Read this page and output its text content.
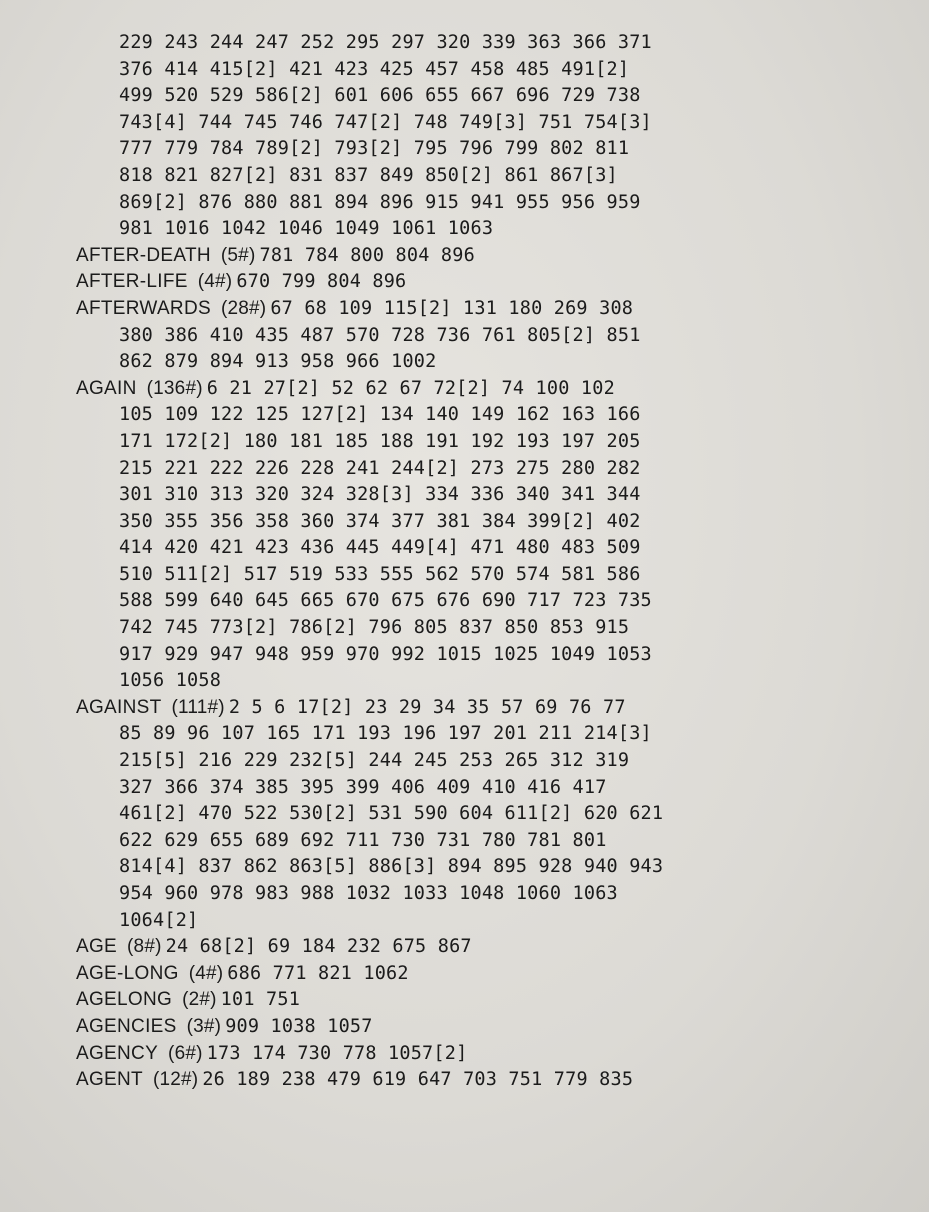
229 243 244 247 252 295 297 320 339 363 366 371
376 414 415[2] 421 423 425 457 458 485 491[2]
499 520 529 586[2] 601 606 655 667 696 729 738
743[4] 744 745 746 747[2] 748 749[3] 751 754[3]
777 779 784 789[2] 793[2] 795 796 799 802 811
818 821 827[2] 831 837 849 850[2] 861 867[3]
869[2] 876 880 881 894 896 915 941 955 956 959
981 1016 1042 1046 1049 1061 1063
AFTER-DEATH (5#) 781 784 800 804 896
AFTER-LIFE (4#) 670 799 804 896
AFTERWARDS (28#) 67 68 109 115[2] 131 180 269 308
380 386 410 435 487 570 728 736 761 805[2] 851
862 879 894 913 958 966 1002
AGAIN (136#) 6 21 27[2] 52 62 67 72[2] 74 100 102
105 109 122 125 127[2] 134 140 149 162 163 166
171 172[2] 180 181 185 188 191 192 193 197 205
215 221 222 226 228 241 244[2] 273 275 280 282
301 310 313 320 324 328[3] 334 336 340 341 344
350 355 356 358 360 374 377 381 384 399[2] 402
414 420 421 423 436 445 449[4] 471 480 483 509
510 511[2] 517 519 533 555 562 570 574 581 586
588 599 640 645 665 670 675 676 690 717 723 735
742 745 773[2] 786[2] 796 805 837 850 853 915
917 929 947 948 959 970 992 1015 1025 1049 1053
1056 1058
AGAINST (111#) 2 5 6 17[2] 23 29 34 35 57 69 76 77
85 89 96 107 165 171 193 196 197 201 211 214[3]
215[5] 216 229 232[5] 244 245 253 265 312 319
327 366 374 385 395 399 406 409 410 416 417
461[2] 470 522 530[2] 531 590 604 611[2] 620 621
622 629 655 689 692 711 730 731 780 781 801
814[4] 837 862 863[5] 886[3] 894 895 928 940 943
954 960 978 983 988 1032 1033 1048 1060 1063
1064[2]
AGE (8#) 24 68[2] 69 184 232 675 867
AGE-LONG (4#) 686 771 821 1062
AGELONG (2#) 101 751
AGENCIES (3#) 909 1038 1057
AGENCY (6#) 173 174 730 778 1057[2]
AGENT (12#) 26 189 238 479 619 647 703 751 779 835
